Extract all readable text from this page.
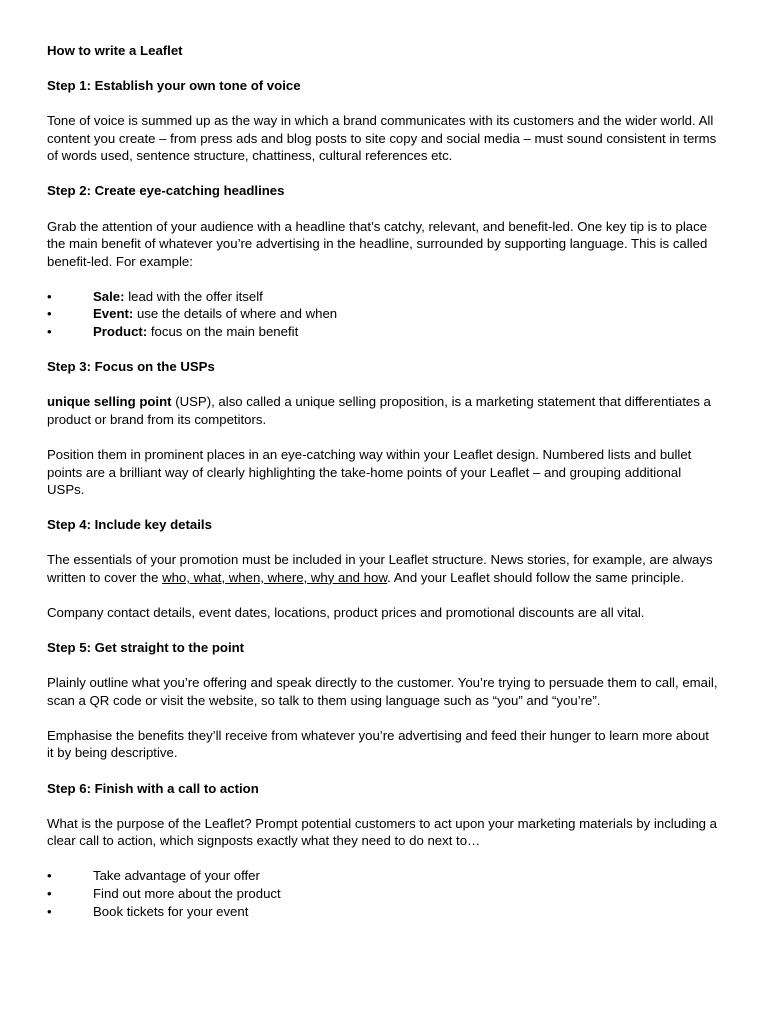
How to write a Leaflet
Step 1: Establish your own tone of voice

Tone of voice is summed up as the way in which a brand communicates with its customers and the wider world. All content you create – from press ads and blog posts to site copy and social media – must sound consistent in terms of words used, sentence structure, chattiness, cultural references etc.

Step 2: Create eye-catching headlines

Grab the attention of your audience with a headline that’s catchy, relevant, and benefit-led. One key tip is to place the main benefit of whatever you’re advertising in the headline, surrounded by supporting language. This is called benefit-led. For example:

•	Sale: lead with the offer itself
•	Event: use the details of where and when
•	Product: focus on the main benefit
Step 3: Focus on the USPs

unique selling point (USP), also called a unique selling proposition, is a marketing statement that differentiates a product or brand from its competitors.

Position them in prominent places in an eye-catching way within your Leaflet design. Numbered lists and bullet points are a brilliant way of clearly highlighting the take-home points of your Leaflet – and grouping additional USPs.

Step 4: Include key details

The essentials of your promotion must be included in your Leaflet structure. News stories, for example, are always written to cover the who, what, when, where, why and how. And your Leaflet should follow the same principle.

Company contact details, event dates, locations, product prices and promotional discounts are all vital.

Step 5: Get straight to the point

Plainly outline what you’re offering and speak directly to the customer. You’re trying to persuade them to call, email, scan a QR code or visit the website, so talk to them using language such as “you” and “you’re”.

Emphasise the benefits they’ll receive from whatever you’re advertising and feed their hunger to learn more about it by being descriptive.

Step 6: Finish with a call to action

What is the purpose of the Leaflet? Prompt potential customers to act upon your marketing materials by including a clear call to action, which signposts exactly what they need to do next to…

•	Take advantage of your offer
•	Find out more about the product
•	Book tickets for your event
